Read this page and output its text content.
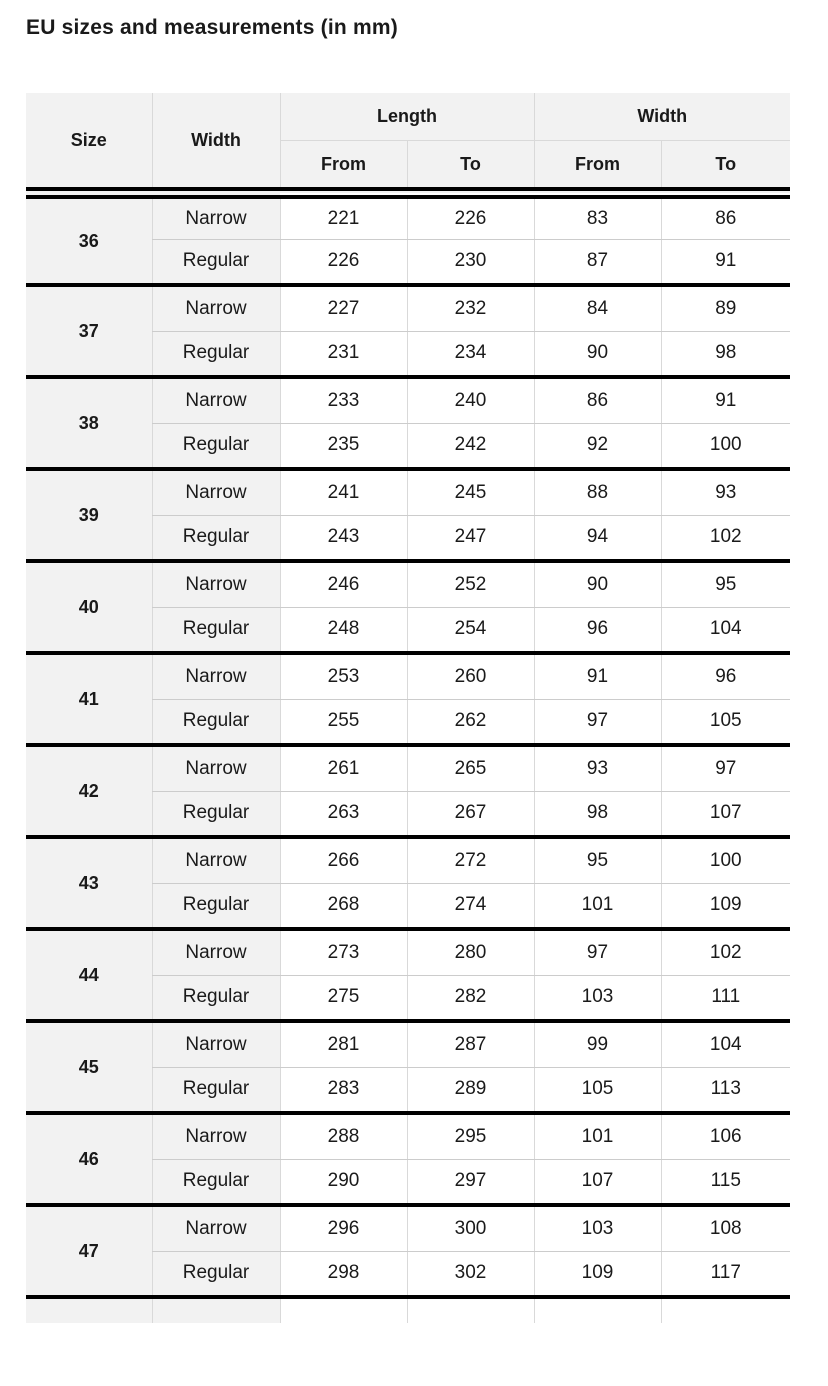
EU sizes and measurements (in mm)
Size	Width	Length		Width	
		From	To	From	To
36	Narrow	221	226	83	86
	Regular	226	230	87	91
37	Narrow	227	232	84	89
	Regular	231	234	90	98
38	Narrow	233	240	86	91
	Regular	235	242	92	100
39	Narrow	241	245	88	93
	Regular	243	247	94	102
40	Narrow	246	252	90	95
	Regular	248	254	96	104
41	Narrow	253	260	91	96
	Regular	255	262	97	105
42	Narrow	261	265	93	97
	Regular	263	267	98	107
43	Narrow	266	272	95	100
	Regular	268	274	101	109
44	Narrow	273	280	97	102
	Regular	275	282	103	111
45	Narrow	281	287	99	104
	Regular	283	289	105	113
46	Narrow	288	295	101	106
	Regular	290	297	107	115
47	Narrow	296	300	103	108
	Regular	298	302	109	117
